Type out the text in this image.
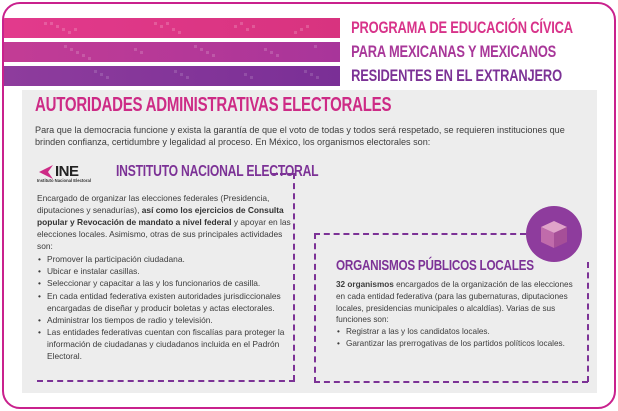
PROGRAMA DE EDUCACIÓN CÍVICA
PARA MEXICANAS Y MEXICANOS
RESIDENTES EN EL EXTRANJERO
AUTORIDADES ADMINISTRATIVAS ELECTORALES
Para que la democracia funcione y exista la garantía de que el voto de todas y todos será respetado, se requieren instituciones que brinden confianza, certidumbre y legalidad al proceso. En México, los organismos electorales son:
INE
Instituto Nacional Electoral
INSTITUTO NACIONAL ELECTORAL
Encargado de organizar las elecciones federales (Presidencia, diputaciones y senadurías), así como los ejercicios de Consulta popular y Revocación de mandato a nivel federal y apoyar en las elecciones locales. Asimismo, otras de sus principales actividades son:
• Promover la participación ciudadana.
• Ubicar e instalar casillas.
• Seleccionar y capacitar a las y los funcionarios de casilla.
• En cada entidad federativa existen autoridades jurisdiccionales encargadas de diseñar y producir boletas y actas electorales.
• Administrar los tiempos de radio y televisión.
• Las entidades federativas cuentan con fiscalías para proteger la información de ciudadanas y ciudadanos incluida en el Padrón Electoral.
ORGANISMOS PÚBLICOS LOCALES
32 organismos encargados de la organización de las elecciones en cada entidad federativa (para las gubernaturas, diputaciones locales, presidencias municipales o alcaldías). Varias de sus funciones son:
• Registrar a las y los candidatos locales.
• Garantizar las prerrogativas de los partidos políticos locales.
